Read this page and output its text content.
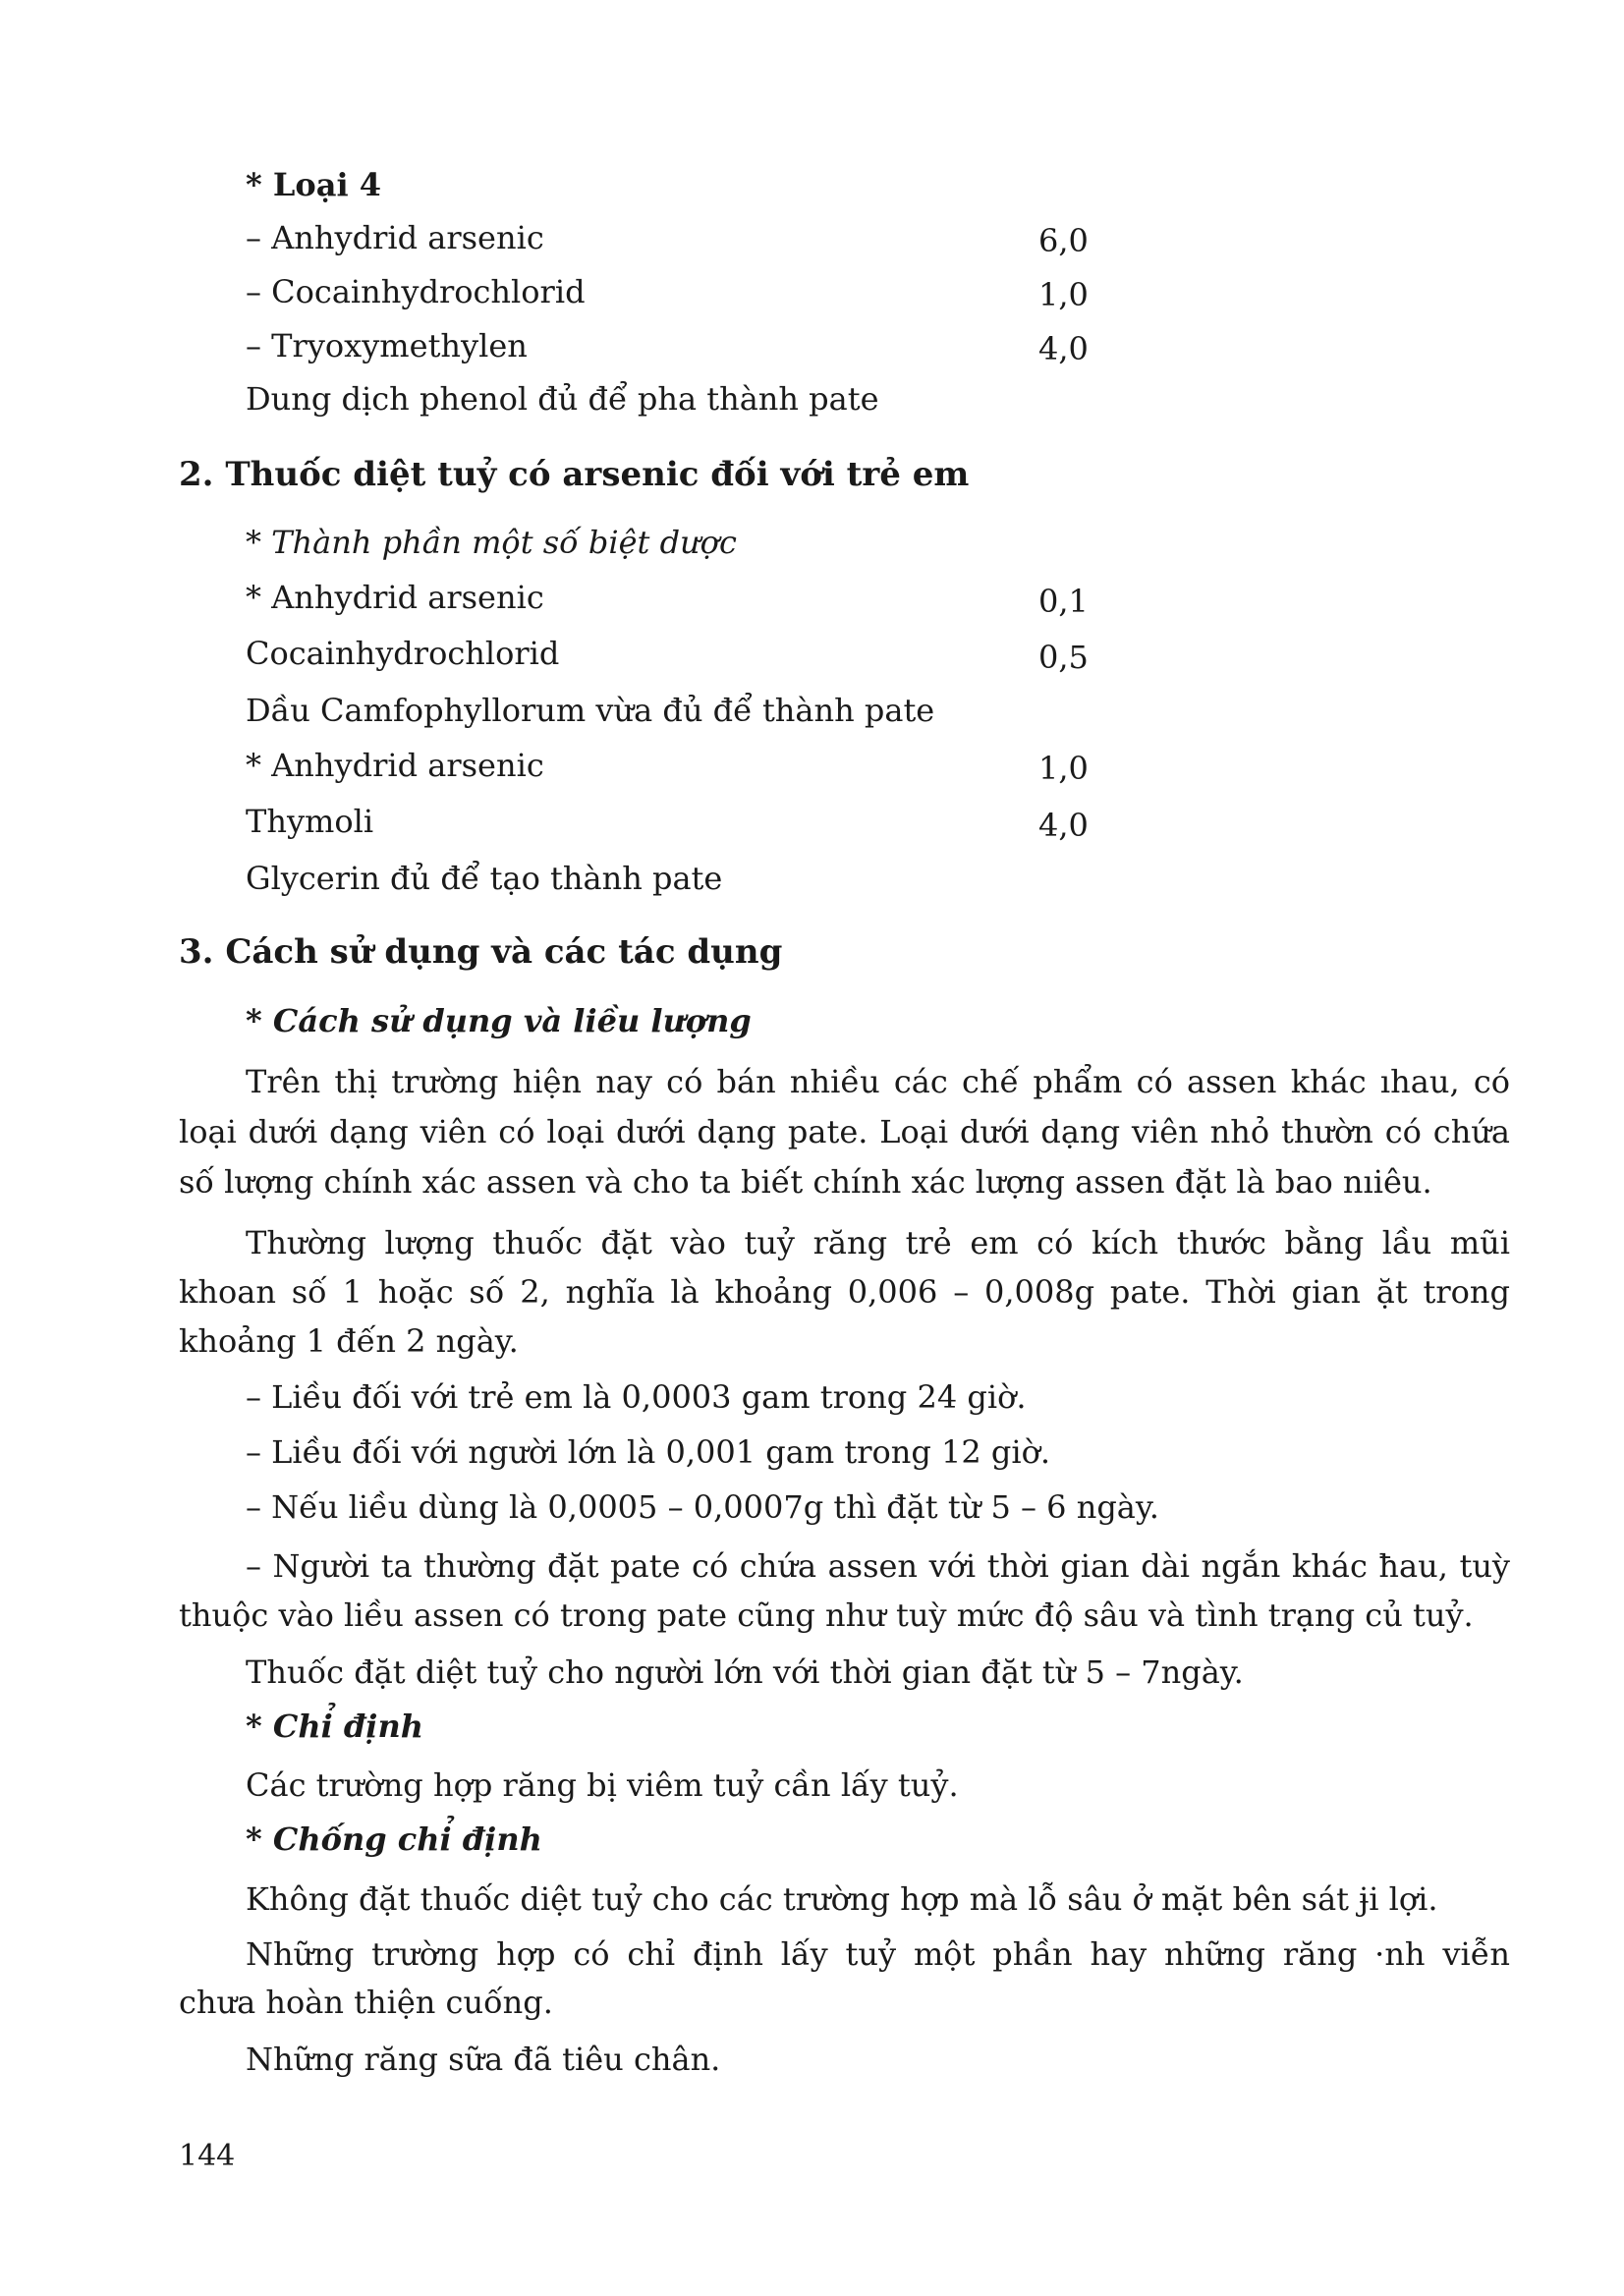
* Loại 4
– Anhydrid arsenic	6,0
– Cocainhydrochlorid	1,0
– Tryoxymethylen	4,0
Dung dịch phenol đủ để pha thành pate
2. Thuốc diệt tuỷ có arsenic đối với trẻ em
* Thành phần một số biệt dược
* Anhydrid arsenic	0,1
Cocainhydrochlorid	0,5
Dầu Camfophyllorum vừa đủ để thành pate
* Anhydrid arsenic	1,0
Thymoli	4,0
Glycerin đủ để tạo thành pate
3. Cách sử dụng và các tác dụng
* Cách sử dụng và liều lượng
Trên thị trường hiện nay có bán nhiều các chế phẩm có assen khác ıhau, có
loại dưới dạng viên có loại dưới dạng pate. Loại dưới dạng viên nhỏ thườn có chứa
số lượng chính xác assen và cho ta biết chính xác lượng assen đặt là bao nıiêu.
Thường lượng thuốc đặt vào tuỷ răng trẻ em có kích thước bằng lầu mũi
khoan số 1 hoặc số 2, nghĩa là khoảng 0,006 – 0,008g pate. Thời gian ặt trong
khoảng 1 đến 2 ngày.
– Liều đối với trẻ em là 0,0003 gam trong 24 giờ.
– Liều đối với người lớn là 0,001 gam trong 12 giờ.
– Nếu liều dùng là 0,0005 – 0,0007g thì đặt từ 5 – 6 ngày.
– Người ta thường đặt pate có chứa assen với thời gian dài ngắn khác ħau, tuỳ
thuộc vào liều assen có trong pate cũng như tuỳ mức độ sâu và tình trạng củ tuỷ.
Thuốc đặt diệt tuỷ cho người lớn với thời gian đặt từ 5 – 7ngày.
* Chỉ định
Các trường hợp răng bị viêm tuỷ cần lấy tuỷ.
* Chống chỉ định
Không đặt thuốc diệt tuỷ cho các trường hợp mà lỗ sâu ở mặt bên sát ɉi lợi.
Những trường hợp có chỉ định lấy tuỷ một phần hay những răng ·nh viễn
chưa hoàn thiện cuống.
Những răng sữa đã tiêu chân.
144
